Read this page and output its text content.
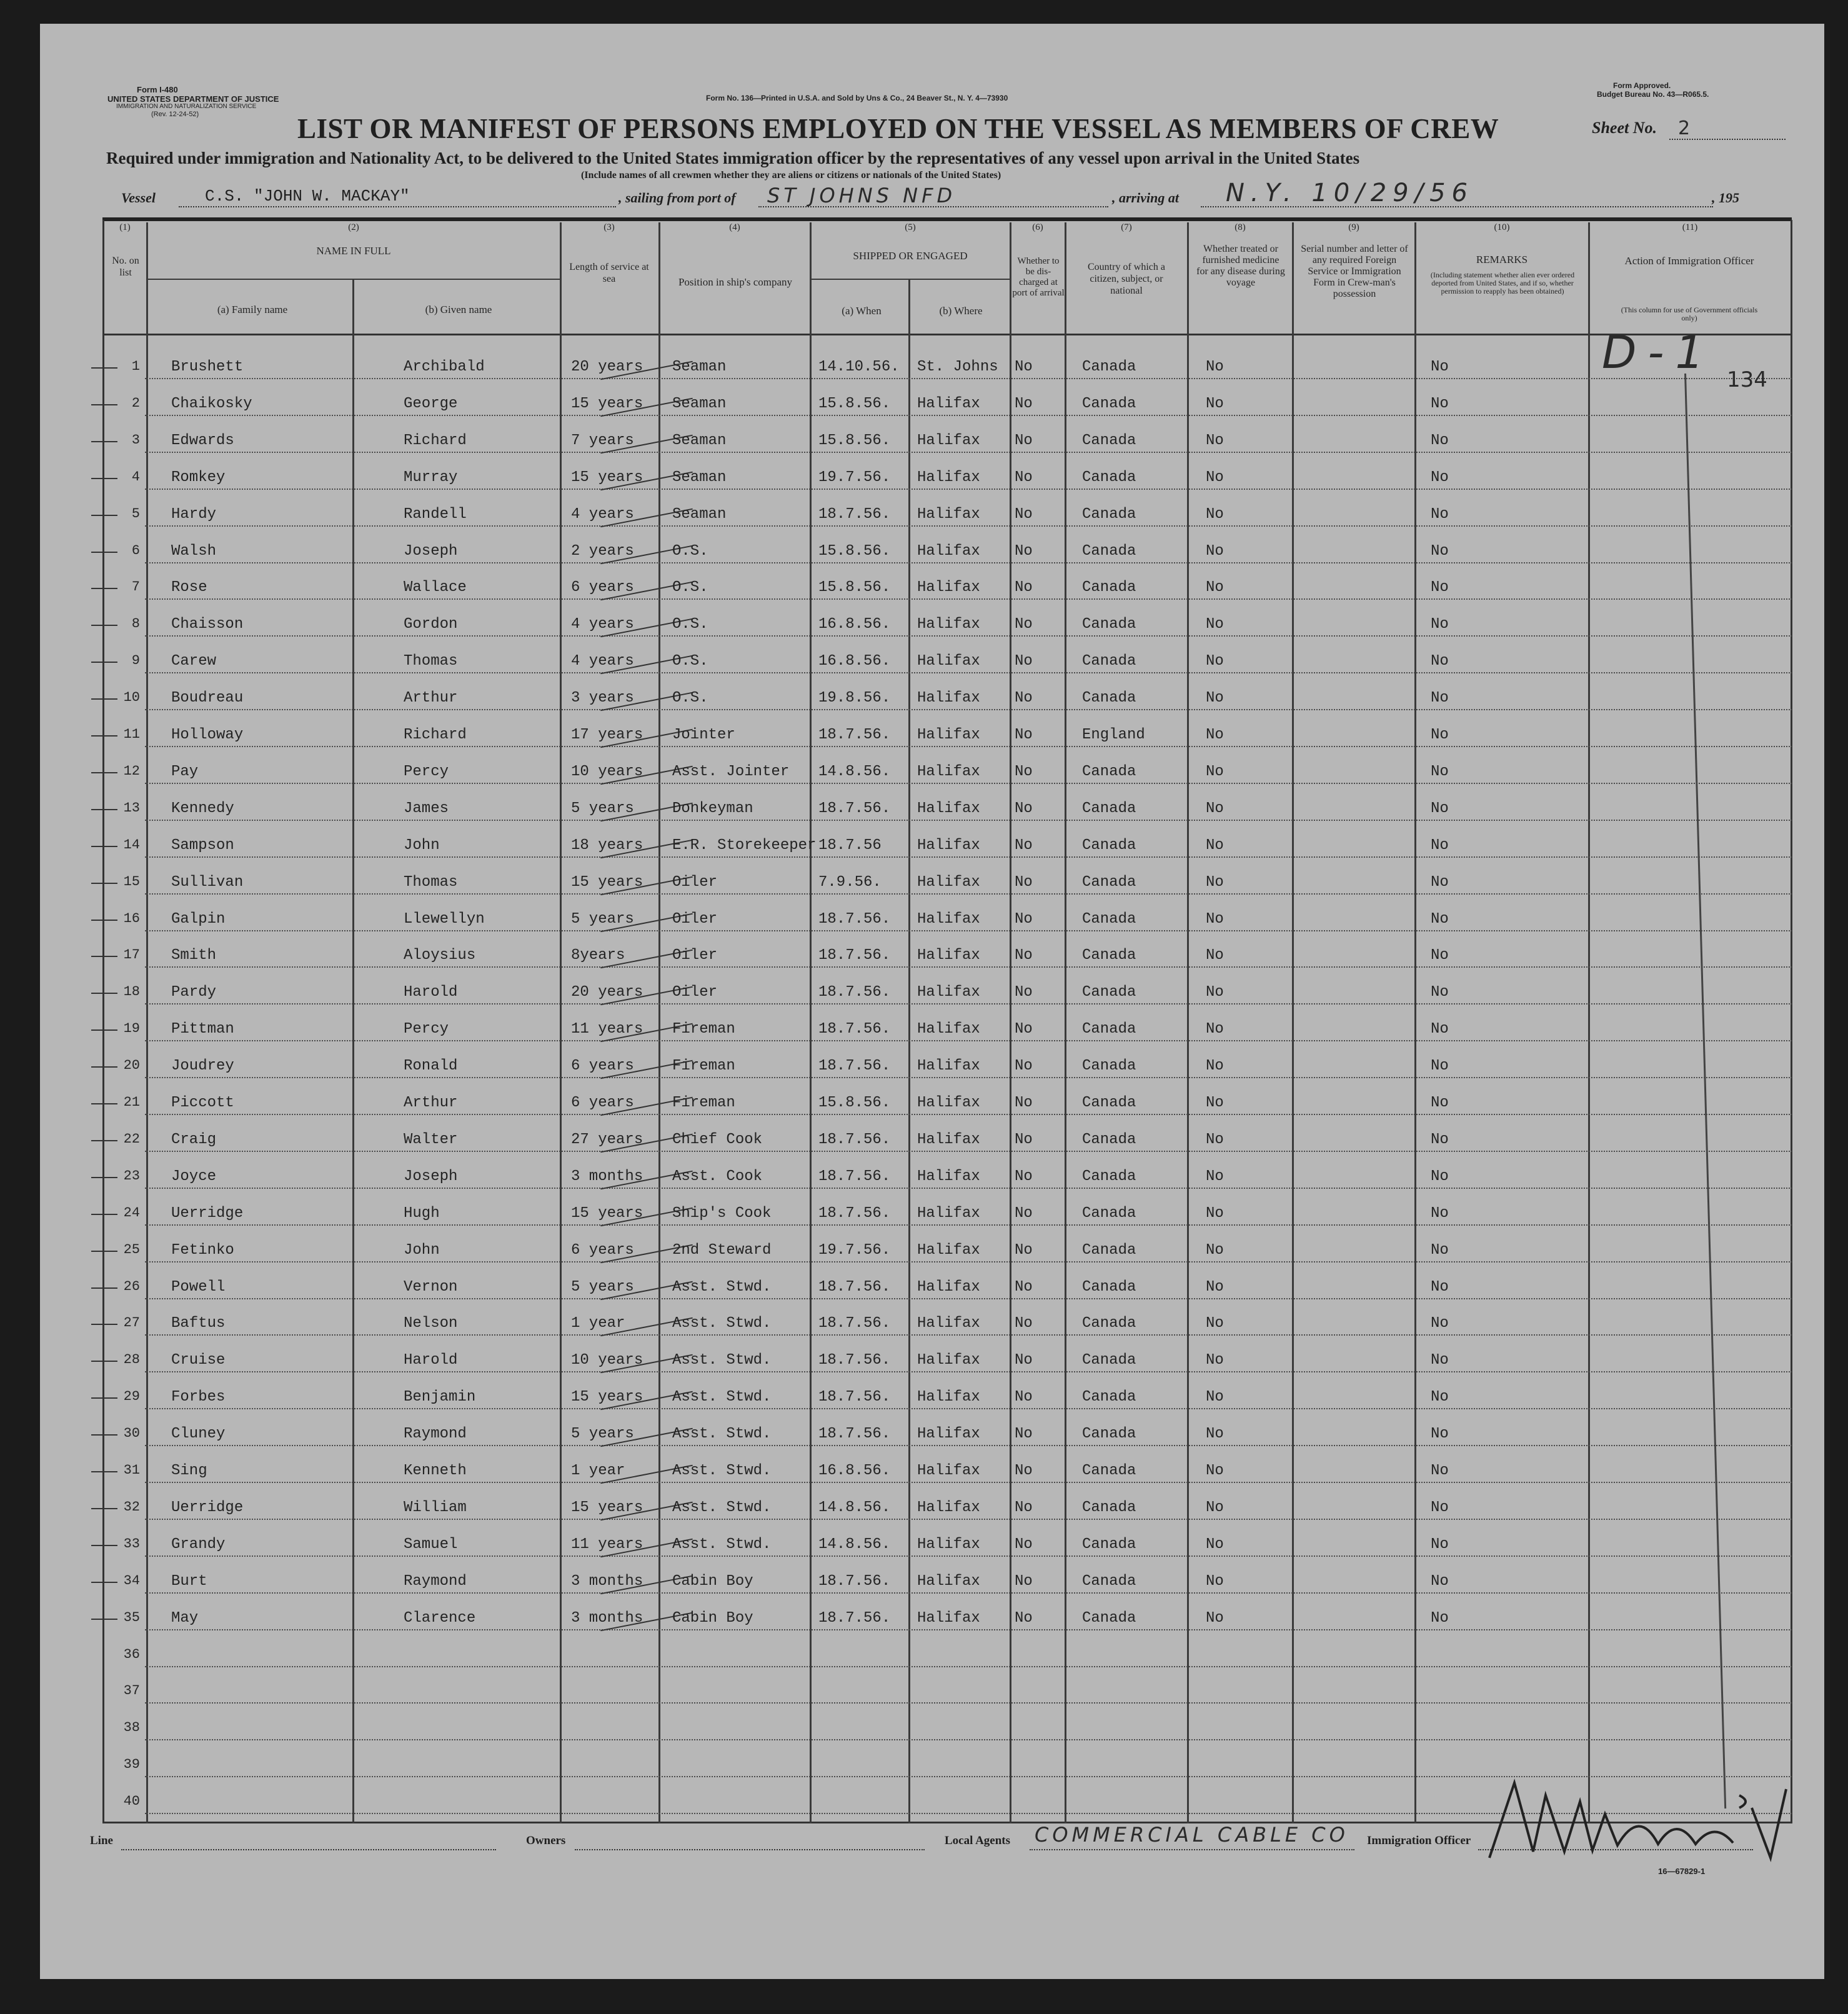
Form I-480
UNITED STATES DEPARTMENT OF JUSTICE
IMMIGRATION AND NATURALIZATION SERVICE
(Rev. 12-24-52)
Form No. 136—Printed in U.S.A. and Sold by Uns & Co., 24 Beaver St., N. Y. 4—73930
Form Approved.
Budget Bureau No. 43—R065.5.
LIST OR MANIFEST OF PERSONS EMPLOYED ON THE VESSEL AS MEMBERS OF CREW	Sheet No. 2
Required under immigration and Nationality Act, to be delivered to the United States immigration officer by the representatives of any vessel upon arrival in the United States
(Include names of all crewmen whether they are aliens or citizens or nationals of the United States)
Vessel	C.S. "JOHN W. MACKAY"	, sailing from port of ST JOHNS NFD	, arriving at N.Y. 10/29/56	, 195
(1)
No. on list
(2)
NAME IN FULL
(a) Family name	(b) Given name
(3)
Length of service at sea
(4)
Position in ship's company
(5)
SHIPPED OR ENGAGED
(a) When	(b) Where
(6)
Whether to be dis-charged at port of arrival
(7)
Country of which a citizen, subject, or national
(8)
Whether treated or furnished medicine for any disease during voyage
(9)
Serial number and letter of any required Foreign Service or Immigration Form in Crew-man's possession
(10)
REMARKS
(Including statement whether alien ever ordered deported from United States, and if so, whether permission to reapply has been obtained)
(11)
Action of Immigration Officer
(This column for use of Government officials only)
1 Brushett	Archibald	20 years Seaman	14.10.56. St. Johns No	Canada	No	No
2 Chaikosky	George	15 years Seaman	15.8.56. Halifax No	Canada	No	No
3 Edwards	Richard	7 years	Seaman	15.8.56. Halifax No	Canada	No	No
4 Romkey	Murray	15 years Seaman	19.7.56. Halifax No	Canada	No	No
5 Hardy	Randell	4 years	Seaman	18.7.56. Halifax No	Canada	No	No
6 Walsh	Joseph	2 years	O.S.	15.8.56. Halifax No	Canada	No	No
7 Rose	Wallace	6 years	O.S.	15.8.56. Halifax No	Canada	No	No
8 Chaisson	Gordon	4 years	O.S.	16.8.56. Halifax No	Canada	No	No
9 Carew	Thomas	4 years	O.S.	16.8.56. Halifax No	Canada	No	No
10 Boudreau	Arthur	3 years	O.S.	19.8.56. Halifax No	Canada	No	No
11 Holloway	Richard	17 years Jointer	18.7.56. Halifax No	England	No	No
12 Pay	Percy	10 years Asst. Jointer 14.8.56. Halifax No	Canada	No	No
13 Kennedy	James	5 years	Donkeyman	18.7.56. Halifax No	Canada	No	No
14 Sampson	John	18 years E.R. Storekeeper 18.7.56 Halifax No	Canada	No	No
15 Sullivan	Thomas	15 years Oiler	7.9.56. Halifax No	Canada	No	No
16 Galpin	Llewellyn	5 years	Oiler	18.7.56. Halifax No	Canada	No	No
17 Smith	Aloysius	8years	Oiler	18.7.56. Halifax No	Canada	No	No
18 Pardy	Harold	20 years Oiler	18.7.56. Halifax No	Canada	No	No
19 Pittman	Percy	11 years Fireman	18.7.56. Halifax No	Canada	No	No
20 Joudrey	Ronald	6 years	Fireman	18.7.56. Halifax No	Canada	No	No
21 Piccott	Arthur	6 years	Fireman	15.8.56. Halifax No	Canada	No	No
22 Craig	Walter	27 years Chief Cook	18.7.56. Halifax No	Canada	No	No
23 Joyce	Joseph	3 months Asst. Cook	18.7.56. Halifax No	Canada	No	No
24 Uerridge	Hugh	15 years Ship's Cook	18.7.56. Halifax No	Canada	No	No
25 Fetinko	John	6 years	2nd Steward	19.7.56. Halifax No	Canada	No	No
26 Powell	Vernon	5 years	Asst. Stwd.	18.7.56. Halifax No	Canada	No	No
27 Baftus	Nelson	1 year	Asst. Stwd.	18.7.56. Halifax No	Canada	No	No
28 Cruise	Harold	10 years Asst. Stwd.	18.7.56. Halifax No	Canada	No	No
29 Forbes	Benjamin	15 years Asst. Stwd.	18.7.56. Halifax No	Canada	No	No
30 Cluney	Raymond	5 years	Asst. Stwd.	18.7.56. Halifax No	Canada	No	No
31 Sing	Kenneth	1 year	Asst. Stwd.	16.8.56. Halifax No	Canada	No	No
32 Uerridge	William	15 years Asst. Stwd.	14.8.56. Halifax No	Canada	No	No
33 Grandy	Samuel	11 years Asst. Stwd.	14.8.56. Halifax No	Canada	No	No
34 Burt	Raymond	3 months Cabin Boy	18.7.56. Halifax No	Canada	No	No
35 May	Clarence	3 months Cabin Boy	18.7.56. Halifax No	Canada	No	No
36
37
38
39
40
D-1
134
Line	Owners	Local Agents COMMERCIAL CABLE CO Immigration Officer
16—67829-1
